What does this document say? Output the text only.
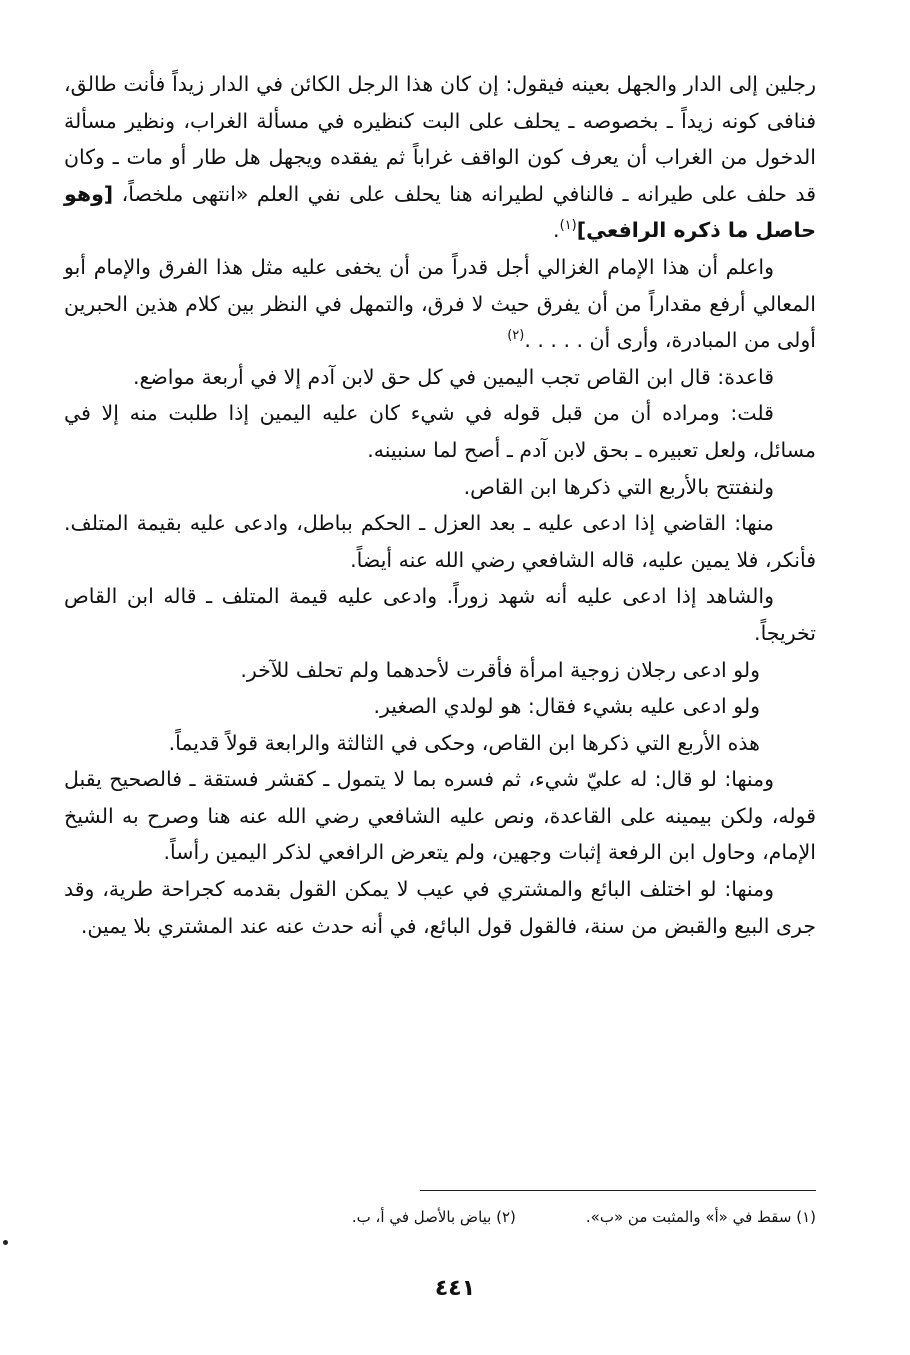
رجلين إلى الدار والجهل بعينه فيقول: إن كان هذا الرجل الكائن في الدار زيداً فأنت طالق، فنافى كونه زيداً ـ بخصوصه ـ يحلف على البت كنظيره في مسألة الغراب، ونظير مسألة الدخول من الغراب أن يعرف كون الواقف غراباً ثم يفقده ويجهل هل طار أو مات ـ وكان قد حلف على طيرانه ـ فالنافي لطيرانه هنا يحلف على نفي العلم «انتهى ملخصاً، [وهو حاصل ما ذكره الرافعي]$^{(١)}$.

واعلم أن هذا الإمام الغزالي أجل قدراً من أن يخفى عليه مثل هذا الفرق والإمام أبو المعالي أرفع مقداراً من أن يفرق حيث لا فرق، والتمهل في النظر بين كلام هذين الحبرين أولى من المبادرة، وأرى أن . . . . .$^{(٢)}$

قاعدة: قال ابن القاص تجب اليمين في كل حق لابن آدم إلا في أربعة مواضع.

قلت: ومراده أن من قبل قوله في شيء كان عليه اليمين إذا طلبت منه إلا في مسائل، ولعل تعبيره ـ بحق لابن آدم ـ أصح لما سنبينه.

ولنفتتح بالأربع التي ذكرها ابن القاص.

منها: القاضي إذا ادعى عليه ـ بعد العزل ـ الحكم بباطل، وادعى عليه بقيمة المتلف. فأنكر، فلا يمين عليه، قاله الشافعي رضي الله عنه أيضاً.

والشاهد إذا ادعى عليه أنه شهد زوراً. وادعى عليه قيمة المتلف ـ قاله ابن القاص تخريجاً.

ولو ادعى رجلان زوجية امرأة فأقرت لأحدهما ولم تحلف للآخر.

ولو ادعى عليه بشيء فقال: هو لولدي الصغير.

هذه الأربع التي ذكرها ابن القاص، وحكى في الثالثة والرابعة قولاً قديماً.

ومنها: لو قال: له عليّ شيء، ثم فسره بما لا يتمول ـ كقشر فستقة ـ فالصحيح يقبل قوله، ولكن بيمينه على القاعدة، ونص عليه الشافعي رضي الله عنه هنا وصرح به الشيخ الإمام، وحاول ابن الرفعة إثبات وجهين، ولم يتعرض الرافعي لذكر اليمين رأساً.

ومنها: لو اختلف البائع والمشتري في عيب لا يمكن القول بقدمه كجراحة طرية، وقد جرى البيع والقبض من سنة، فالقول قول البائع، في أنه حدث عنه عند المشتري بلا يمين.

(١) سقط في «أ» والمثبت من «ب».
(٢) بياض بالأصل في أ، ب.
٤٤١
